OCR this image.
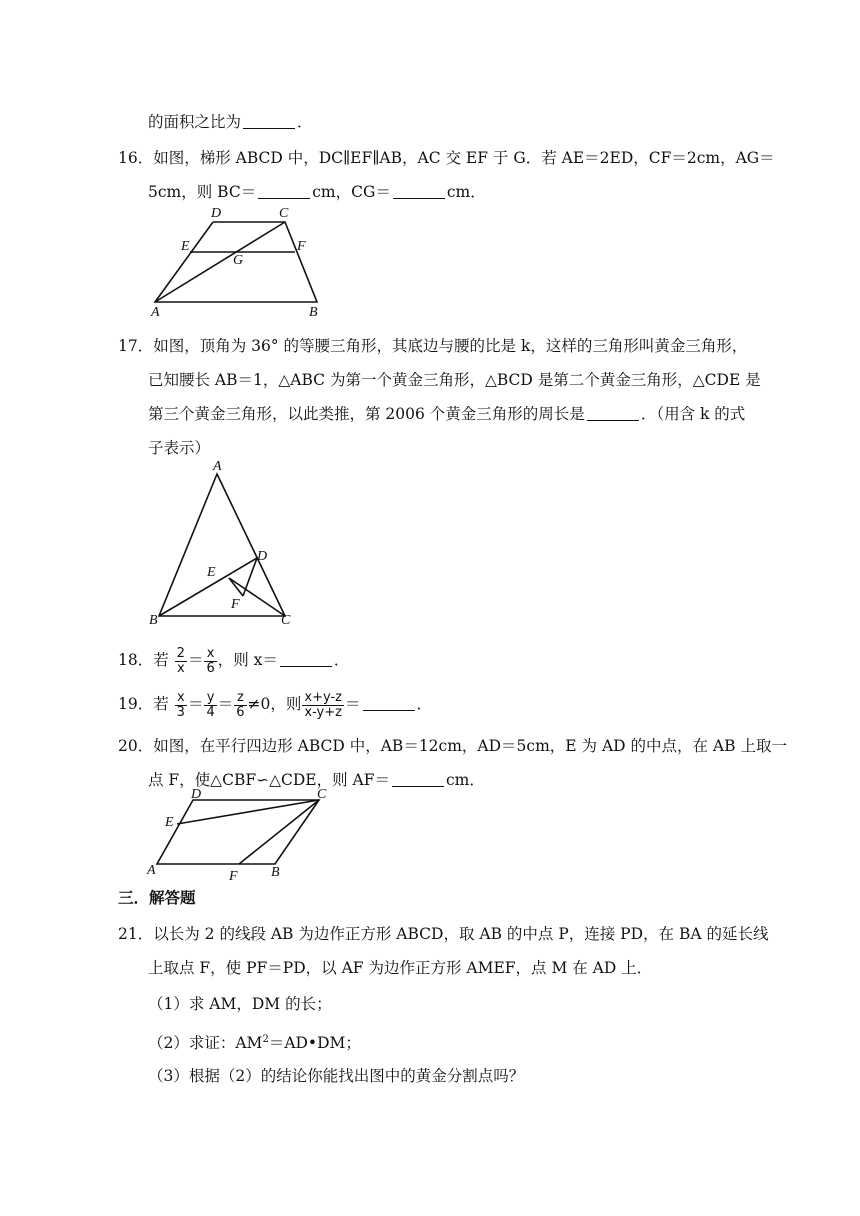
的面积之比为	．
16．如图，梯形 ABCD 中，DC∥EF∥AB，AC 交 EF 于 G．若 AE＝2ED，CF＝2cm，AG＝
5cm，则 BC＝	cm，CG＝	cm．
D	C
E	F
G
A	B
17．如图，顶角为 36° 的等腰三角形，其底边与腰的比是 k，这样的三角形叫黄金三角形，
已知腰长 AB＝1，△ABC 为第一个黄金三角形，△BCD 是第二个黄金三角形，△CDE 是
第三个黄金三角形，以此类推，第 2006 个黄金三角形的周长是	．（用含 k 的式
子表示）
A
D
E
F
B	C
18．若 $\frac{2}{x} = \frac{x}{6}$ ，则 x＝	．
19．若 $\frac{x}{3} = \frac{y}{4} = \frac{z}{6} \ne 0$，则 $\frac{x+y-z}{x-y+z}$ ＝	．
20．如图，在平行四边形 ABCD 中，AB＝12cm，AD＝5cm，E 为 AD 的中点，在 AB 上取一
点 F，使△CBF∽△CDE，则 AF＝	cm．
D	C
E
A	F B
三．解答题
21．以长为 2 的线段 AB 为边作正方形 ABCD，取 AB 的中点 P，连接 PD，在 BA 的延长线
上取点 F，使 PF＝PD，以 AF 为边作正方形 AMEF，点 M 在 AD 上．
（1）求 AM，DM 的长；
（2）求证：$AM^2=AD•DM$；
（3）根据（2）的结论你能找出图中的黄金分割点吗？
